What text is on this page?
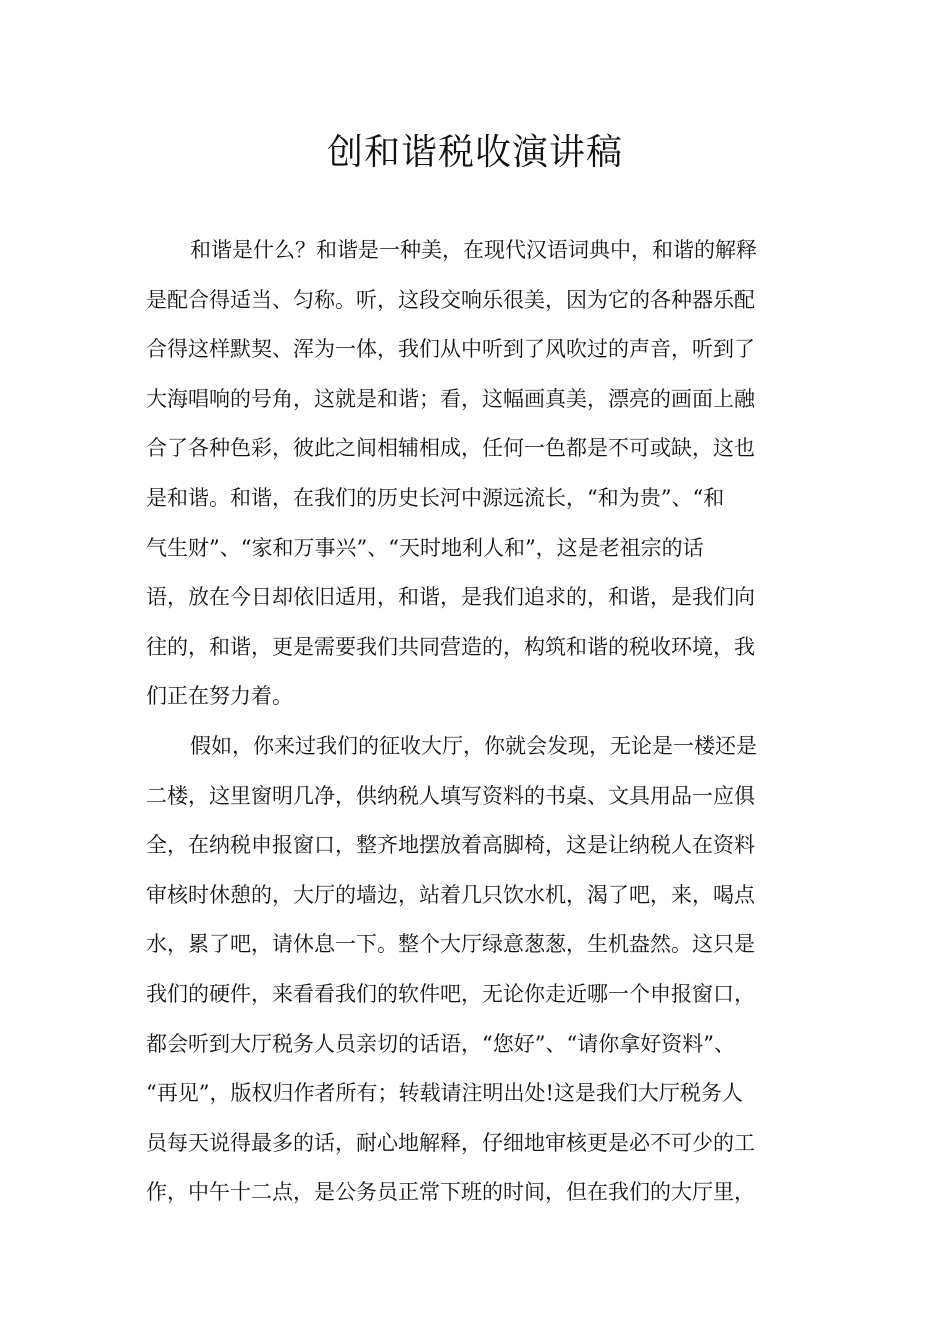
创和谐税收演讲稿
和谐是什么？和谐是一种美，在现代汉语词典中，和谐的解释
是配合得适当、匀称。听，这段交响乐很美，因为它的各种器乐配
合得这样默契、浑为一体，我们从中听到了风吹过的声音，听到了
大海唱响的号角，这就是和谐；看，这幅画真美，漂亮的画面上融
合了各种色彩，彼此之间相辅相成，任何一色都是不可或缺，这也
是和谐。和谐，在我们的历史长河中源远流长，“和为贵”、“和
气生财”、“家和万事兴”、“天时地利人和”，这是老祖宗的话
语，放在今日却依旧适用，和谐，是我们追求的，和谐，是我们向
往的，和谐，更是需要我们共同营造的，构筑和谐的税收环境，我
们正在努力着。
假如，你来过我们的征收大厅，你就会发现，无论是一楼还是
二楼，这里窗明几净，供纳税人填写资料的书桌、文具用品一应俱
全，在纳税申报窗口，整齐地摆放着高脚椅，这是让纳税人在资料
审核时休憩的，大厅的墙边，站着几只饮水机，渴了吧，来，喝点
水，累了吧，请休息一下。整个大厅绿意葱葱，生机盎然。这只是
我们的硬件，来看看我们的软件吧，无论你走近哪一个申报窗口，
都会听到大厅税务人员亲切的话语，“您好”、“请你拿好资料”、
“再见”，版权归作者所有；转载请注明出处!这是我们大厅税务人
员每天说得最多的话，耐心地解释，仔细地审核更是必不可少的工
作，中午十二点，是公务员正常下班的时间，但在我们的大厅里，
